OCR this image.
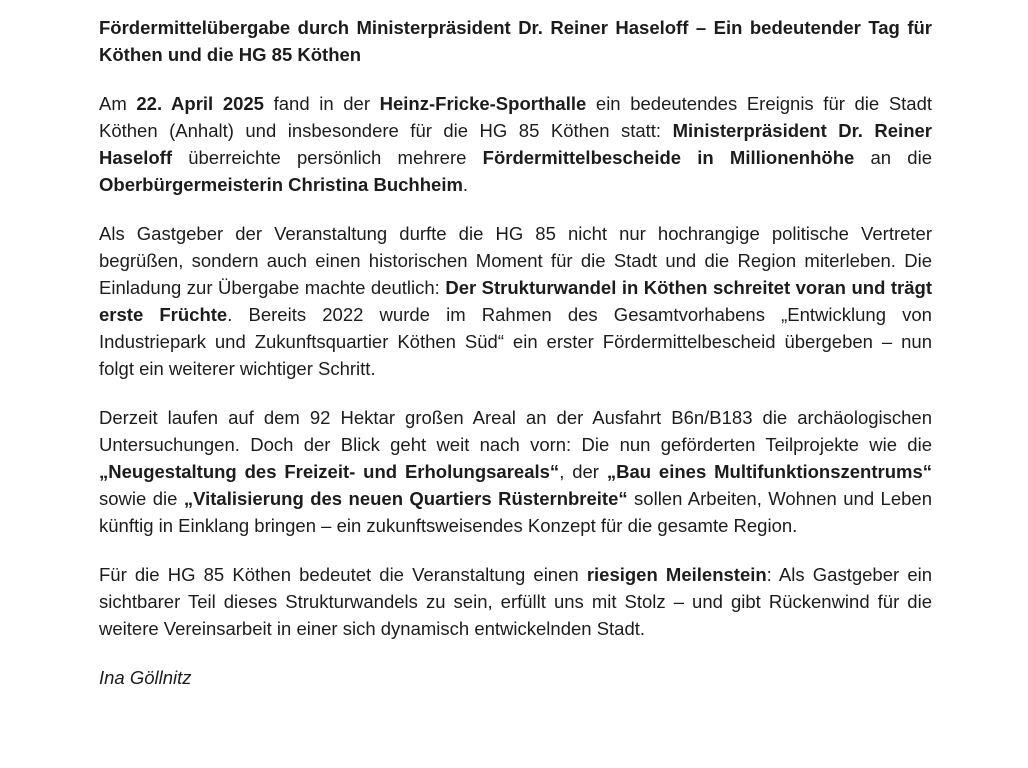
Fördermittelübergabe durch Ministerpräsident Dr. Reiner Haseloff – Ein bedeutender Tag für Köthen und die HG 85 Köthen

Am 22. April 2025 fand in der Heinz-Fricke-Sporthalle ein bedeutendes Ereignis für die Stadt Köthen (Anhalt) und insbesondere für die HG 85 Köthen statt: Ministerpräsident Dr. Reiner Haseloff überreichte persönlich mehrere Fördermittelbescheide in Millionenhöhe an die Oberbürgermeisterin Christina Buchheim.

Als Gastgeber der Veranstaltung durfte die HG 85 nicht nur hochrangige politische Vertreter begrüßen, sondern auch einen historischen Moment für die Stadt und die Region miterleben. Die Einladung zur Übergabe machte deutlich: Der Strukturwandel in Köthen schreitet voran und trägt erste Früchte. Bereits 2022 wurde im Rahmen des Gesamtvorhabens „Entwicklung von Industriepark und Zukunftsquartier Köthen Süd“ ein erster Fördermittelbescheid übergeben – nun folgt ein weiterer wichtiger Schritt.

Derzeit laufen auf dem 92 Hektar großen Areal an der Ausfahrt B6n/B183 die archäologischen Untersuchungen. Doch der Blick geht weit nach vorn: Die nun geförderten Teilprojekte wie die „Neugestaltung des Freizeit- und Erholungsareals“, der „Bau eines Multifunktionszentrums“ sowie die „Vitalisierung des neuen Quartiers Rüsternbreite“ sollen Arbeiten, Wohnen und Leben künftig in Einklang bringen – ein zukunftsweisendes Konzept für die gesamte Region.

Für die HG 85 Köthen bedeutet die Veranstaltung einen riesigen Meilenstein: Als Gastgeber ein sichtbarer Teil dieses Strukturwandels zu sein, erfüllt uns mit Stolz – und gibt Rückenwind für die weitere Vereinsarbeit in einer sich dynamisch entwickelnden Stadt.

Ina Göllnitz
